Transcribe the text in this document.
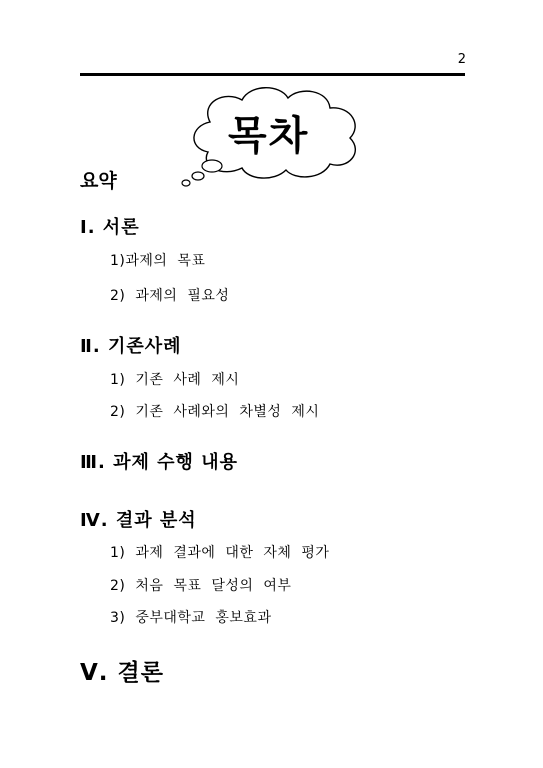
2
목차
요약
Ⅰ. 서론
1)과제의 목표
2) 과제의 필요성
Ⅱ. 기존사례
1) 기존 사례 제시
2) 기존 사례와의 차별성 제시
Ⅲ. 과제 수행 내용
Ⅳ. 결과 분석
1) 과제 결과에 대한 자체 평가
2) 처음 목표 달성의 여부
3) 중부대학교 홍보효과
Ⅴ. 결론
